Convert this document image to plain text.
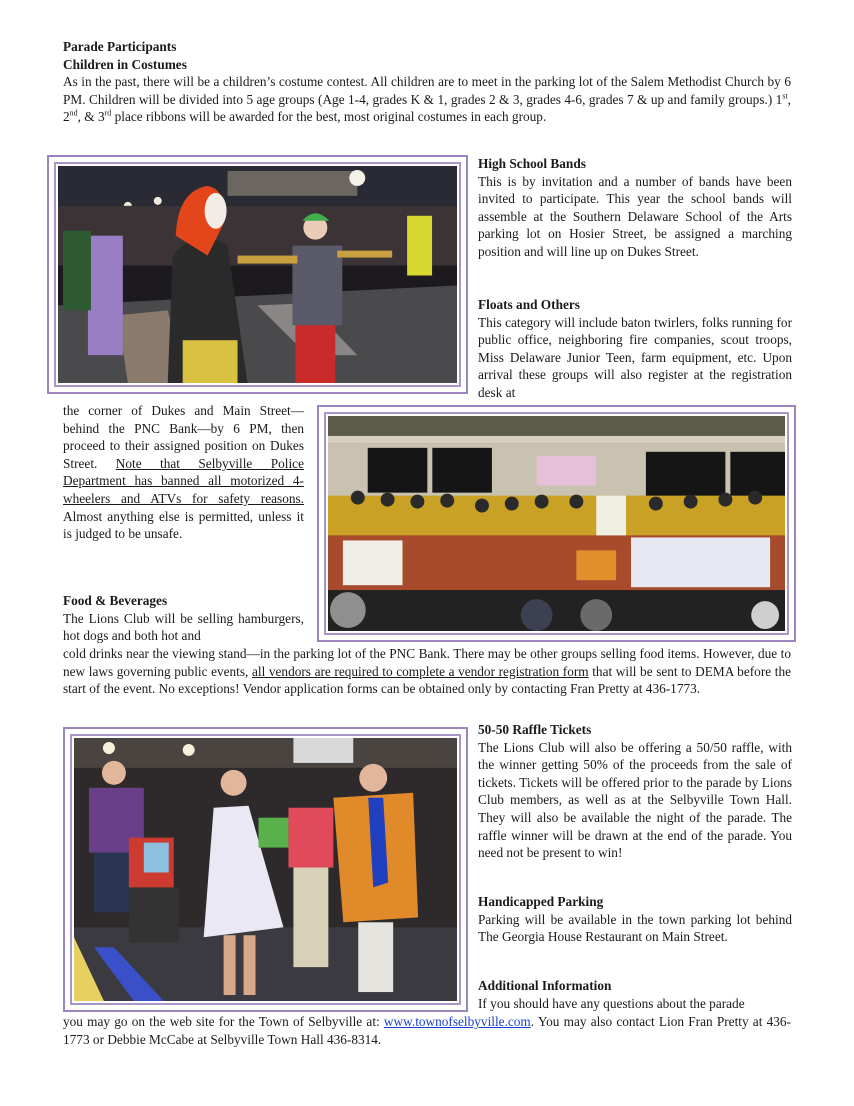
Parade Participants

Children in Costumes

As in the past, there will be a children’s costume contest. All children are to meet in the parking lot of the Salem Methodist Church by 6 PM. Children will be divided into 5 age groups (Age 1-4, grades K & 1, grades 2 & 3, grades 4-6, grades 7 & up and family groups.) 1st, 2nd, & 3rd place ribbons will be awarded for the best, most original costumes in each group.

High School Bands

This is by invitation and a number of bands have been invited to participate. This year the school bands will assemble at the Southern Delaware School of the Arts parking lot on Hosier Street, be assigned a marching position and will line up on Dukes Street.

Floats and Others

This category will include baton twirlers, folks running for public office, neighboring fire companies, scout troops, Miss Delaware Junior Teen, farm equipment, etc. Upon arrival these groups will also register at the registration desk at

the corner of Dukes and Main Street—behind the PNC Bank—by 6 PM, then proceed to their assigned position on Dukes Street. Note that Selbyville Police Department has banned all motorized 4-wheelers and ATVs for safety reasons. Almost anything else is permitted, unless it is judged to be unsafe.

Food & Beverages

The Lions Club will be selling hamburgers, hot dogs and both hot and

cold drinks near the viewing stand—in the parking lot of the PNC Bank. There may be other groups selling food items. However, due to new laws governing public events, all vendors are required to complete a vendor registration form that will be sent to DEMA before the start of the event. No exceptions! Vendor application forms can be obtained only by contacting Fran Pretty at 436-1773.

50-50 Raffle Tickets

The Lions Club will also be offering a 50/50 raffle, with the winner getting 50% of the proceeds from the sale of tickets. Tickets will be offered prior to the parade by Lions Club members, as well as at the Selbyville Town Hall. They will also be available the night of the parade. The raffle winner will be drawn at the end of the parade. You need not be present to win!

Handicapped Parking

Parking will be available in the town parking lot behind The Georgia House Restaurant on Main Street.

Additional Information

If you should have any questions about the parade

you may go on the web site for the Town of Selbyville at: www.townofselbyville.com. You may also contact Lion Fran Pretty at 436-1773 or Debbie McCabe at Selbyville Town Hall 436-8314.
